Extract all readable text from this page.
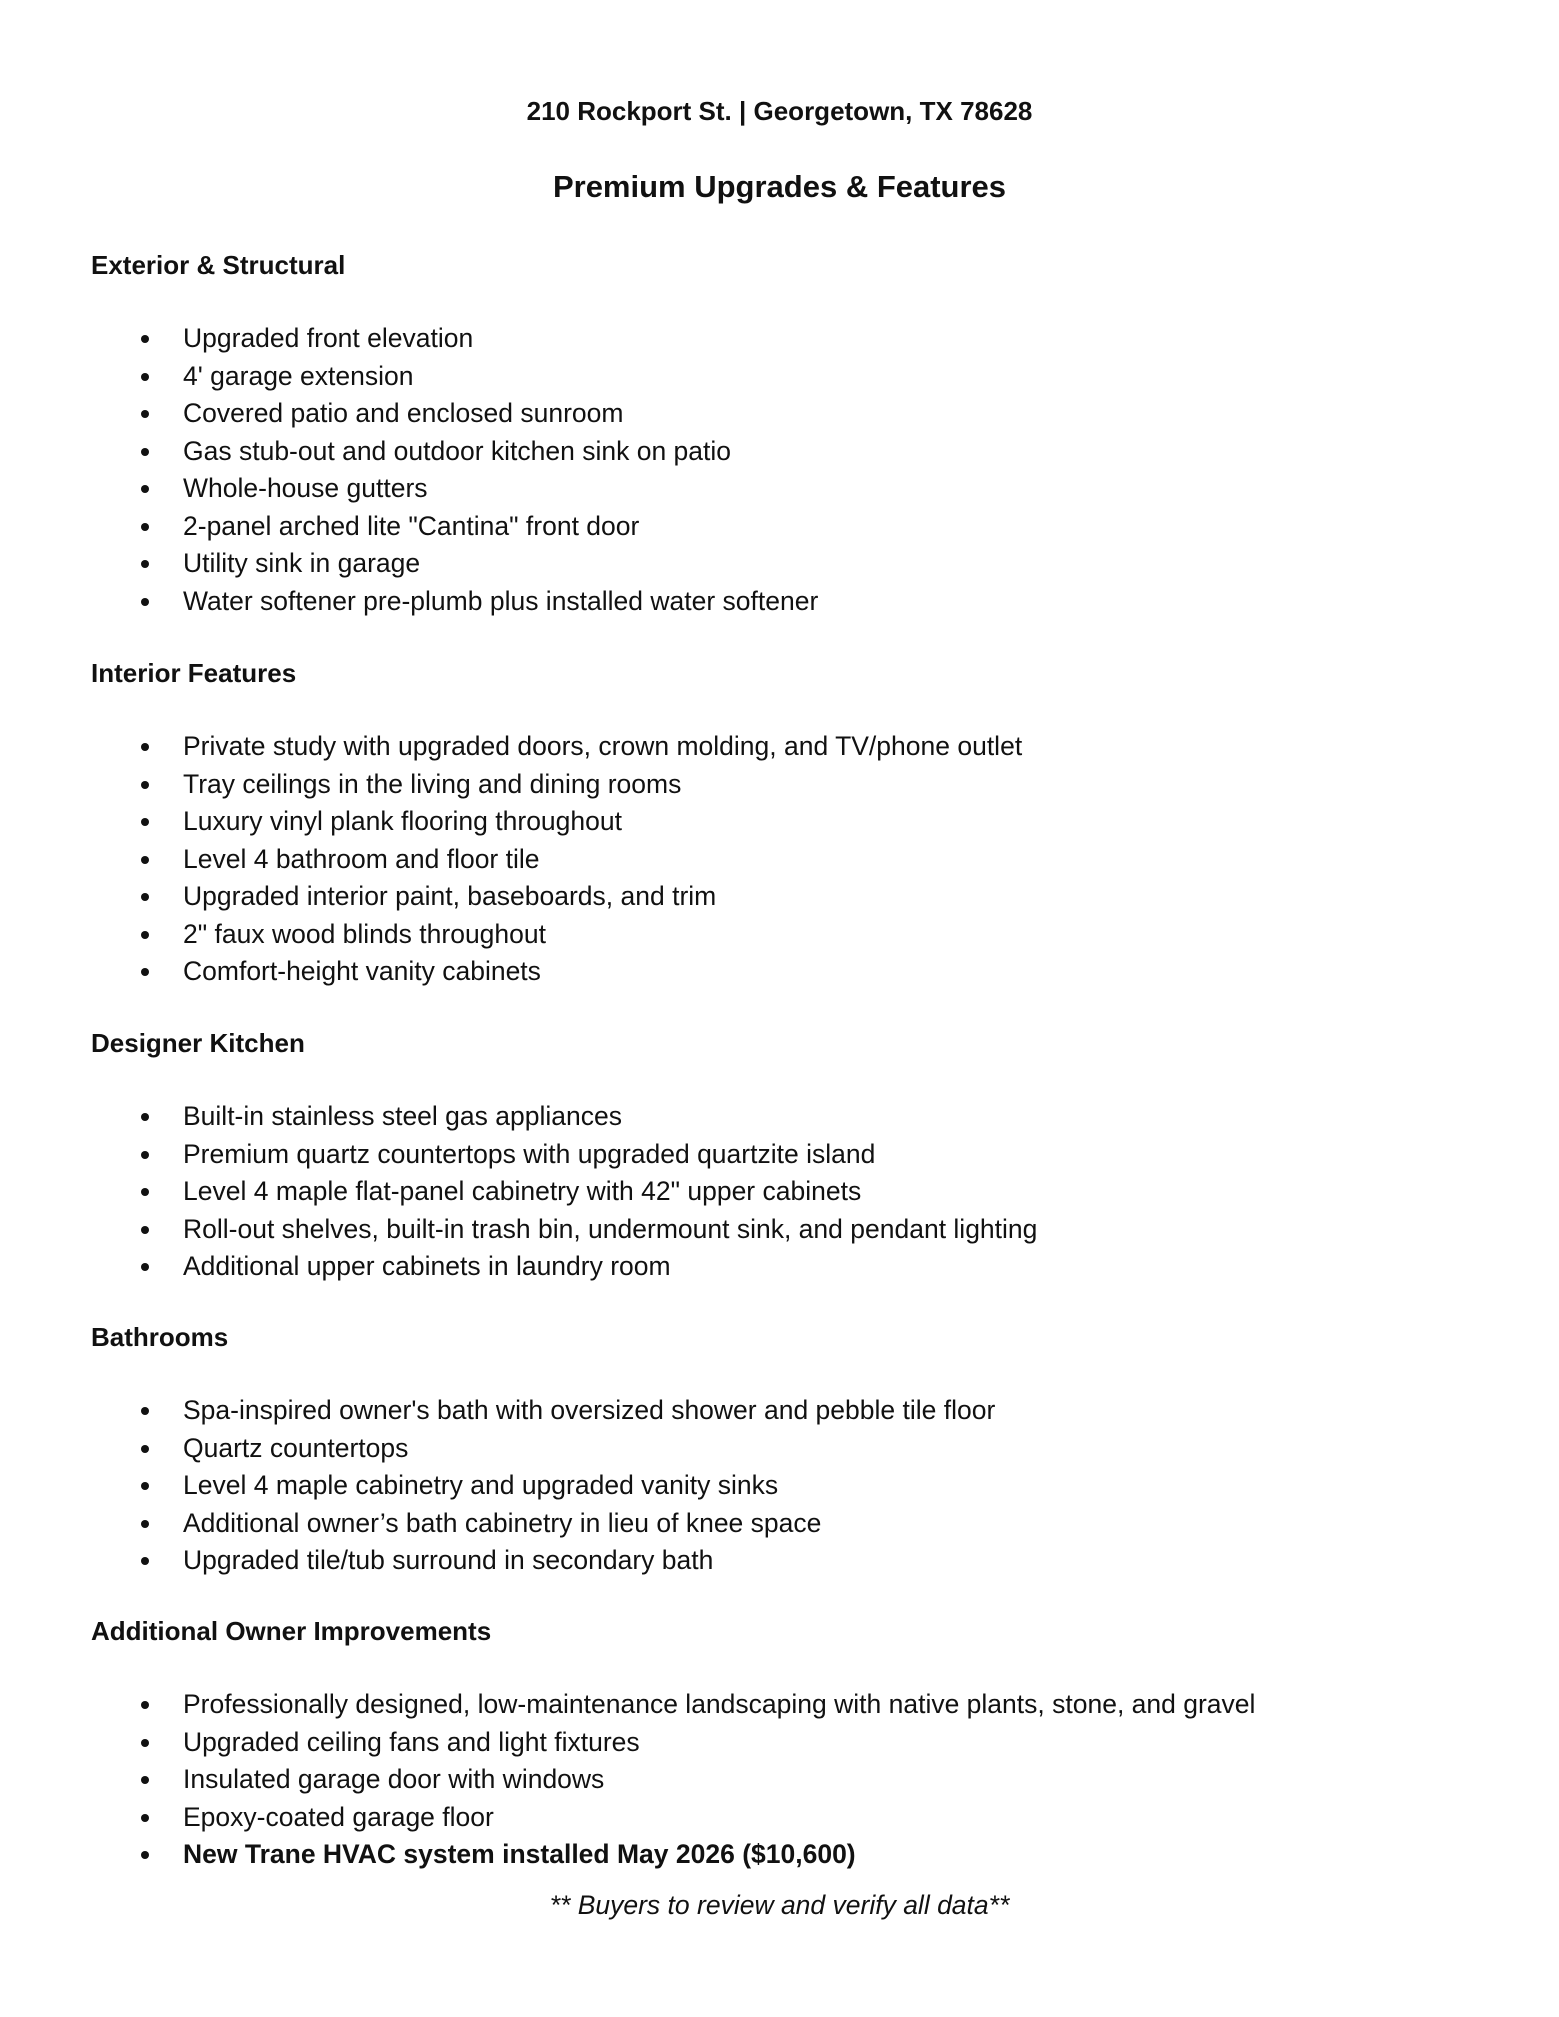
210 Rockport St. | Georgetown, TX 78628
Premium Upgrades & Features
Exterior & Structural
Upgraded front elevation
4' garage extension
Covered patio and enclosed sunroom
Gas stub-out and outdoor kitchen sink on patio
Whole-house gutters
2-panel arched lite "Cantina" front door
Utility sink in garage
Water softener pre-plumb plus installed water softener
Interior Features
Private study with upgraded doors, crown molding, and TV/phone outlet
Tray ceilings in the living and dining rooms
Luxury vinyl plank flooring throughout
Level 4 bathroom and floor tile
Upgraded interior paint, baseboards, and trim
2" faux wood blinds throughout
Comfort-height vanity cabinets
Designer Kitchen
Built-in stainless steel gas appliances
Premium quartz countertops with upgraded quartzite island
Level 4 maple flat-panel cabinetry with 42" upper cabinets
Roll-out shelves, built-in trash bin, undermount sink, and pendant lighting
Additional upper cabinets in laundry room
Bathrooms
Spa-inspired owner's bath with oversized shower and pebble tile floor
Quartz countertops
Level 4 maple cabinetry and upgraded vanity sinks
Additional owner’s bath cabinetry in lieu of knee space
Upgraded tile/tub surround in secondary bath
Additional Owner Improvements
Professionally designed, low-maintenance landscaping with native plants, stone, and gravel
Upgraded ceiling fans and light fixtures
Insulated garage door with windows
Epoxy-coated garage floor
New Trane HVAC system installed May 2026 ($10,600)
** Buyers to review and verify all data**
